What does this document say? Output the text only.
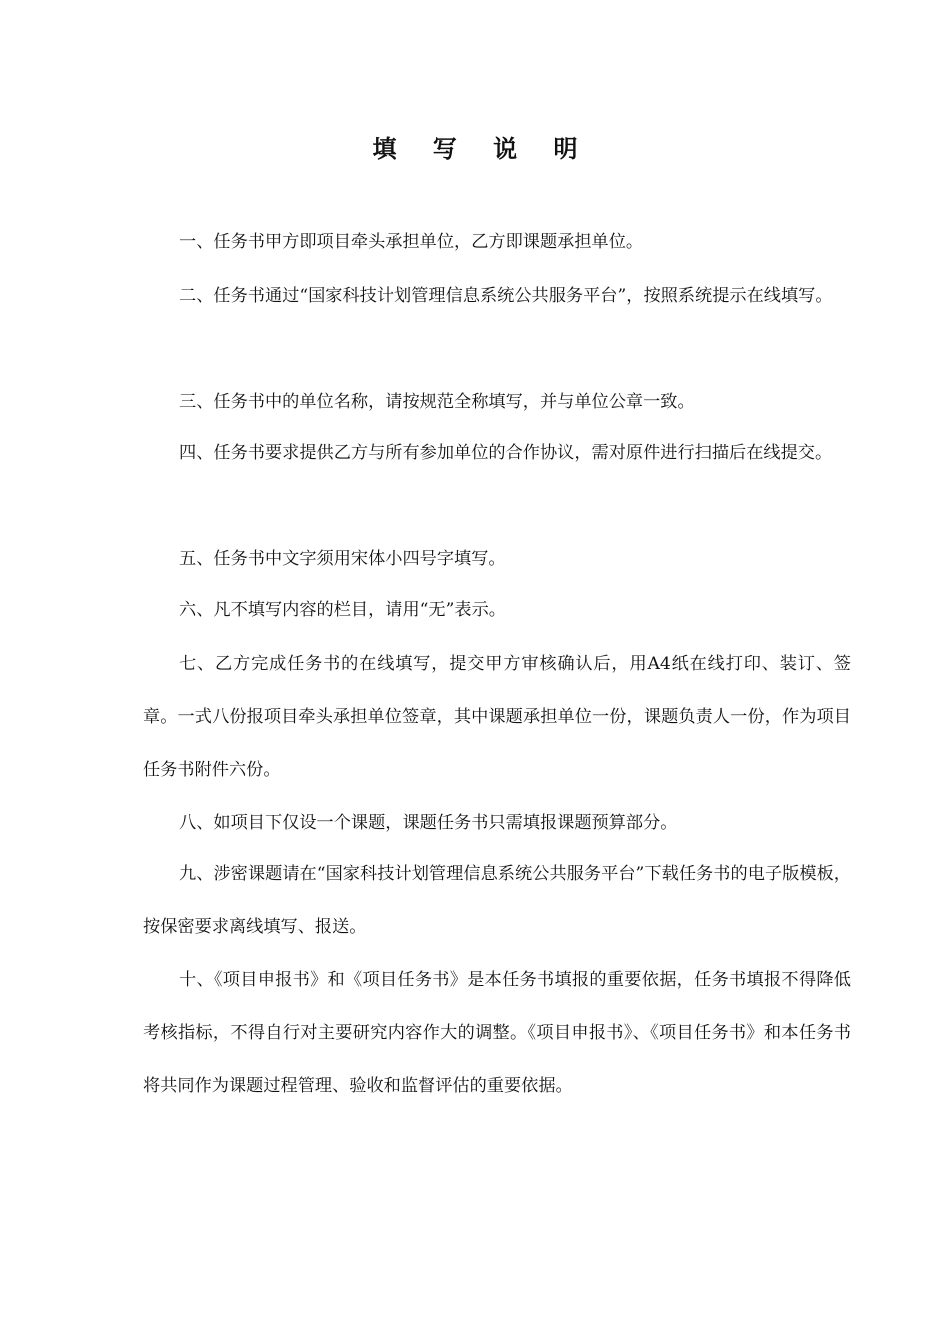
填 写 说 明

一、任务书甲方即项目牵头承担单位，乙方即课题承担单位。

二、任务书通过“国家科技计划管理信息系统公共服务平台”，按照系统提示在线填写。

三、任务书中的单位名称，请按规范全称填写，并与单位公章一致。

四、任务书要求提供乙方与所有参加单位的合作协议，需对原件进行扫描后在线提交。

五、任务书中文字须用宋体小四号字填写。

六、凡不填写内容的栏目，请用“无”表示。

七、乙方完成任务书的在线填写，提交甲方审核确认后，用A4纸在线打印、装订、签章。一式八份报项目牵头承担单位签章，其中课题承担单位一份，课题负责人一份，作为项目任务书附件六份。

八、如项目下仅设一个课题，课题任务书只需填报课题预算部分。

九、涉密课题请在“国家科技计划管理信息系统公共服务平台”下载任务书的电子版模板，按保密要求离线填写、报送。

十、《项目申报书》和《项目任务书》是本任务书填报的重要依据，任务书填报不得降低考核指标，不得自行对主要研究内容作大的调整。《项目申报书》、《项目任务书》和本任务书将共同作为课题过程管理、验收和监督评估的重要依据。
